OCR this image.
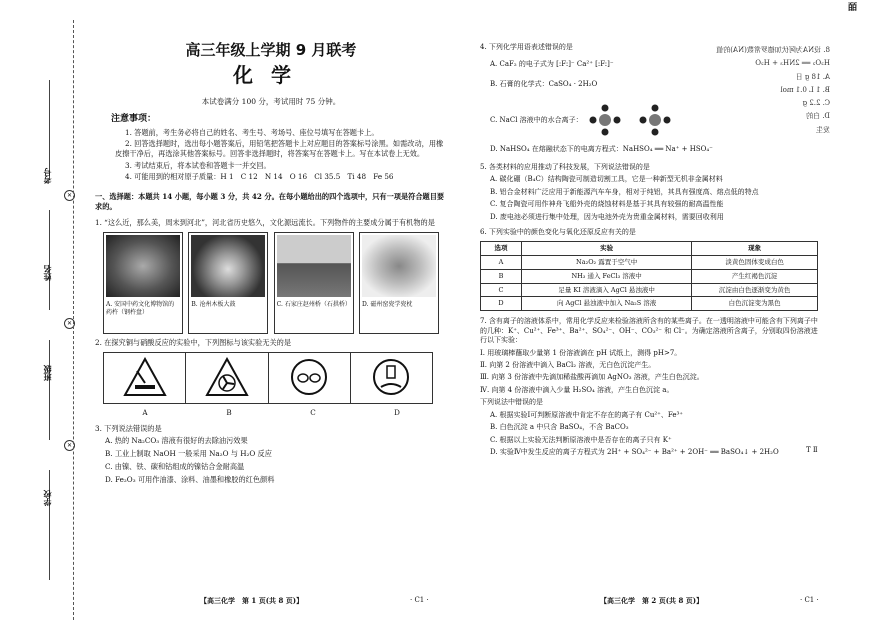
考号
姓名
班级
学校
✕
✕
✕
皕
高三年级上学期 9 月联考
化学
本试卷满分 100 分，考试用时 75 分钟。
注意事项：

1. 答题前，考生务必将自己的姓名、考生号、考场号、座位号填写在答题卡上。

2. 回答选择题时，选出每小题答案后，用铅笔把答题卡上对应题目的答案标号涂黑。如需改动，用橡皮擦干净后，再选涂其他答案标号。回答非选择题时，将答案写在答题卡上。写在本试卷上无效。

3. 考试结束后，将本试卷和答题卡一并交回。

4. 可能用到的相对原子质量：H 1　C 12　N 14　O 16　Cl 35.5　Ti 48　Fe 56

一、选择题：本题共 14 小题，每小题 3 分，共 42 分。在每小题给出的四个选项中，只有一项是符合题目要求的。
1. “这么近，那么美，周末到河北”，河北省历史悠久，文化源远流长。下列物件的主要成分属于有机物的是
A. 安国中药文化博物馆的药杵（钢杵盘）
B. 沧州木板大鼓	C. 石家庄赵州桥（石拱桥）	D. 磁州窑瓷学瓷枕
2. 在探究铜与硝酸反应的实验中，下列图标与该实验无关的是

A	B	C	D
3. 下列说法错误的是
A. 热的 Na₂CO₃ 溶液有很好的去除油污效果
B. 工业上制取 NaOH 一般采用 Na₂O 与 H₂O 反应
C. 由镍、铁、碳和钴组成的镍钴合金耐高温
D. Fe₂O₃ 可用作油漆、涂料、油墨和橡胶的红色颜料
【高三化学　第 1 页(共 8 页)】	· C1 ·
4. 下列化学用语表述错误的是
A. CaF₂ 的电子式为 [:F:]⁻ Ca²⁺ [:F:]⁻
B. 石膏的化学式：CaSO₄ · 2H₂O
C. NaCl 溶液中的水合离子：
D. NaHSO₄ 在熔融状态下的电离方程式：NaHSO₄ ══ Na⁺ + HSO₄⁻
5. 各类材料的应用推动了科技发展，下列说法错误的是
A. 碳化硼（B₄C）结构陶瓷可制造切割工具，它是一种新型无机非金属材料
B. 铝合金材料广泛应用于新能源汽车车身，相对于纯铝，其具有强度高、熔点低的特点
C. 复合陶瓷可用作神舟飞船外壳的烧蚀材料是基于其具有较强的耐高温性能
D. 废电池必须进行集中处理，因为电池外壳为贵重金属材料，需要回收利用
6. 下列实验中的颜色变化与氧化还原反应有关的是
选项	实验	现象
A	Na₂O₂ 露置于空气中	淡黄色固体变成白色
B	NH₃ 通入 FeCl₃ 溶液中	产生红褐色沉淀
C	足量 KI 溶液滴入 AgCl 悬浊液中	沉淀由白色逐渐变为黄色
D	向 AgCl 悬浊液中加入 Na₂S 溶液	白色沉淀变为黑色
7. 含有离子的溶液体系中，常用化学反应来检验溶液所含有的某些离子。在一透明溶液中可能含有下列离子中的几种：K⁺、Cu²⁺、Fe³⁺、Ba²⁺、SO₄²⁻、OH⁻、CO₃²⁻ 和 Cl⁻。为确定溶液所含离子，分别取四份溶液进行以下实验：
Ⅰ. 用玻璃棒蘸取少量第 1 份溶液滴在 pH 试纸上，测得 pH>7。
Ⅱ. 向第 2 份溶液中滴入 BaCl₂ 溶液，无白色沉淀产生。
Ⅲ. 向第 3 份溶液中先滴加稀盐酸再滴加 AgNO₃ 溶液，产生白色沉淀。
Ⅳ. 向第 4 份溶液中滴入少量 H₂SO₄ 溶液，产生白色沉淀 a。
下列说法中错误的是
A. 根据实验Ⅰ可判断原溶液中肯定不存在的离子有 Cu²⁺、Fe³⁺
B. 白色沉淀 a 中只含 BaSO₄，不含 BaCO₃
C. 根据以上实验无法判断原溶液中是否存在的离子只有 K⁺
D. 实验Ⅳ中发生反应的离子方程式为 2H⁺ + SO₄²⁻ + Ba²⁺ + 2OH⁻ ══ BaSO₄↓ + 2H₂O
8. 设NA为阿伏加德罗常数(NA)的值
H₂O₂ ══ 2NH₃ + H₂O
A. 18 g 日
B. 1 L 0.1 mol
C. 2.2 g
D. 白的
发生
T Ⅱ
【高三化学　第 2 页(共 8 页)】	· C1 ·
